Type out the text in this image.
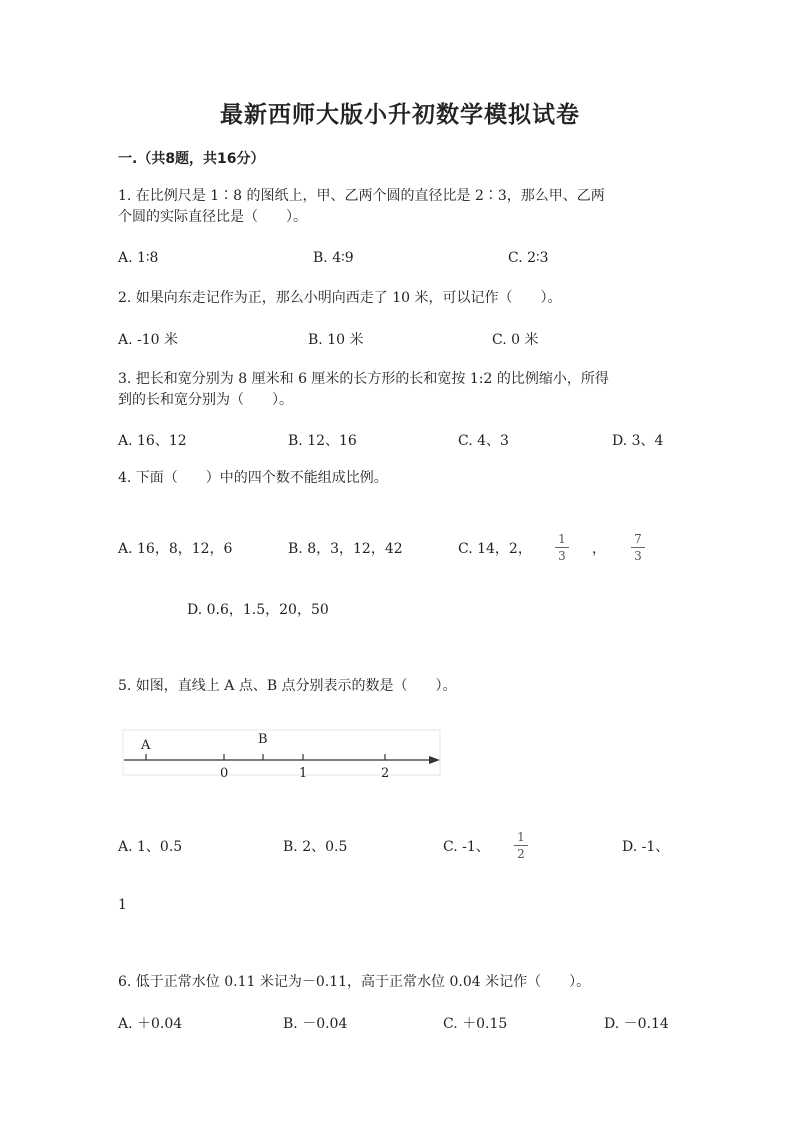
最新西师大版小升初数学模拟试卷
一.（共8题，共16分）
1. 在比例尺是 1∶8 的图纸上，甲、乙两个圆的直径比是 2∶3，那么甲、乙两
个圆的实际直径比是（　　）。
A. 1∶8	B. 4∶9	C. 2∶3
2. 如果向东走记作为正，那么小明向西走了 10 米，可以记作（　　）。
A. -10 米	B. 10 米	C. 0 米
3. 把长和宽分别为 8 厘米和 6 厘米的长方形的长和宽按 1:2 的比例缩小，所得
到的长和宽分别为（　　）。
A. 16、12	B. 12、16	C. 4、3	D. 3、4
4. 下面（　　）中的四个数不能组成比例。
A. 16，8，12，6	B. 8，3，12，42	C. 14，2，
1
3 ，
7
3
D. 0.6，1.5，20，50
5. 如图，直线上 A 点、B 点分别表示的数是（　　）。
A	B
0	1	2
A. 1、0.5	B. 2、0.5	C. -1、
1
2	D. -1、
1
6. 低于正常水位 0.11 米记为－0.11，高于正常水位 0.04 米记作（　　）。
A. ＋0.04	B. －0.04	C. ＋0.15	D. －0.14
